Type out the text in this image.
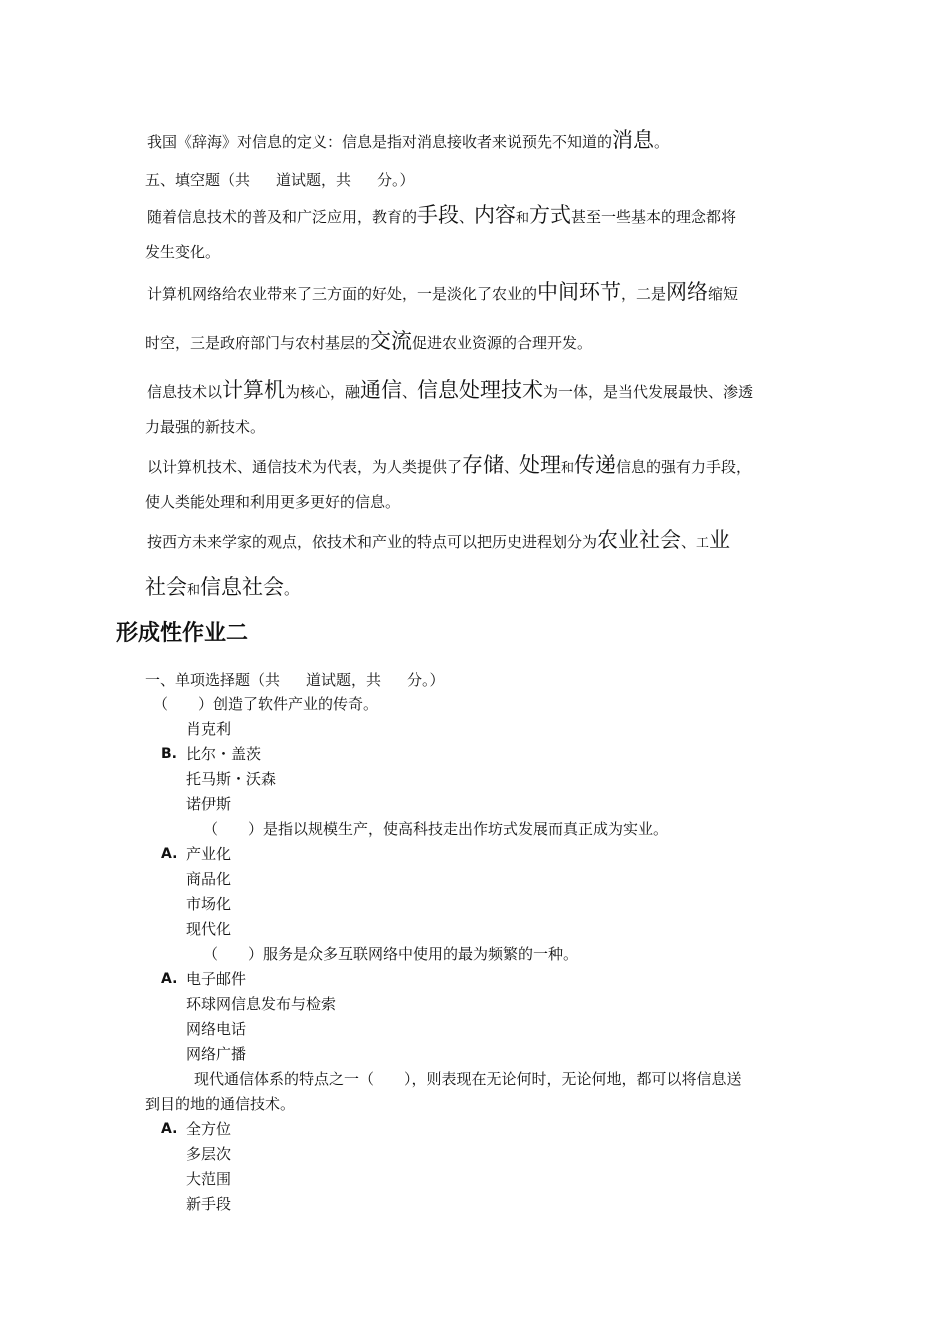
我国《辞海》对信息的定义：信息是指对消息接收者来说预先不知道的消息。
五、填空题（共 道试题，共 分。）
随着信息技术的普及和广泛应用，教育的手段、内容和方式甚至一些基本的理念都将
发生变化。
计算机网络给农业带来了三方面的好处，一是淡化了农业的中间环节，二是网络缩短
时空，三是政府部门与农村基层的交流促进农业资源的合理开发。
信息技术以计算机为核心，融通信、信息处理技术为一体，是当代发展最快、渗透
力最强的新技术。
以计算机技术、通信技术为代表，为人类提供了存储、处理和传递信息的强有力手段，
使人类能处理和利用更多更好的信息。
按西方未来学家的观点，依技术和产业的特点可以把历史进程划分为农业社会、工业
社会和信息社会。
形成性作业二
一、单项选择题（共 道试题，共 分。）
（　　）创造了软件产业的传奇。
肖克利
B. 比尔・盖茨
托马斯・沃森
诺伊斯
（　　）是指以规模生产，使高科技走出作坊式发展而真正成为实业。
A. 产业化
商品化
市场化
现代化
（　　）服务是众多互联网络中使用的最为频繁的一种。
A. 电子邮件
环球网信息发布与检索
网络电话
网络广播
现代通信体系的特点之一（　　），则表现在无论何时，无论何地，都可以将信息送
到目的地的通信技术。
A. 全方位
多层次
大范围
新手段
